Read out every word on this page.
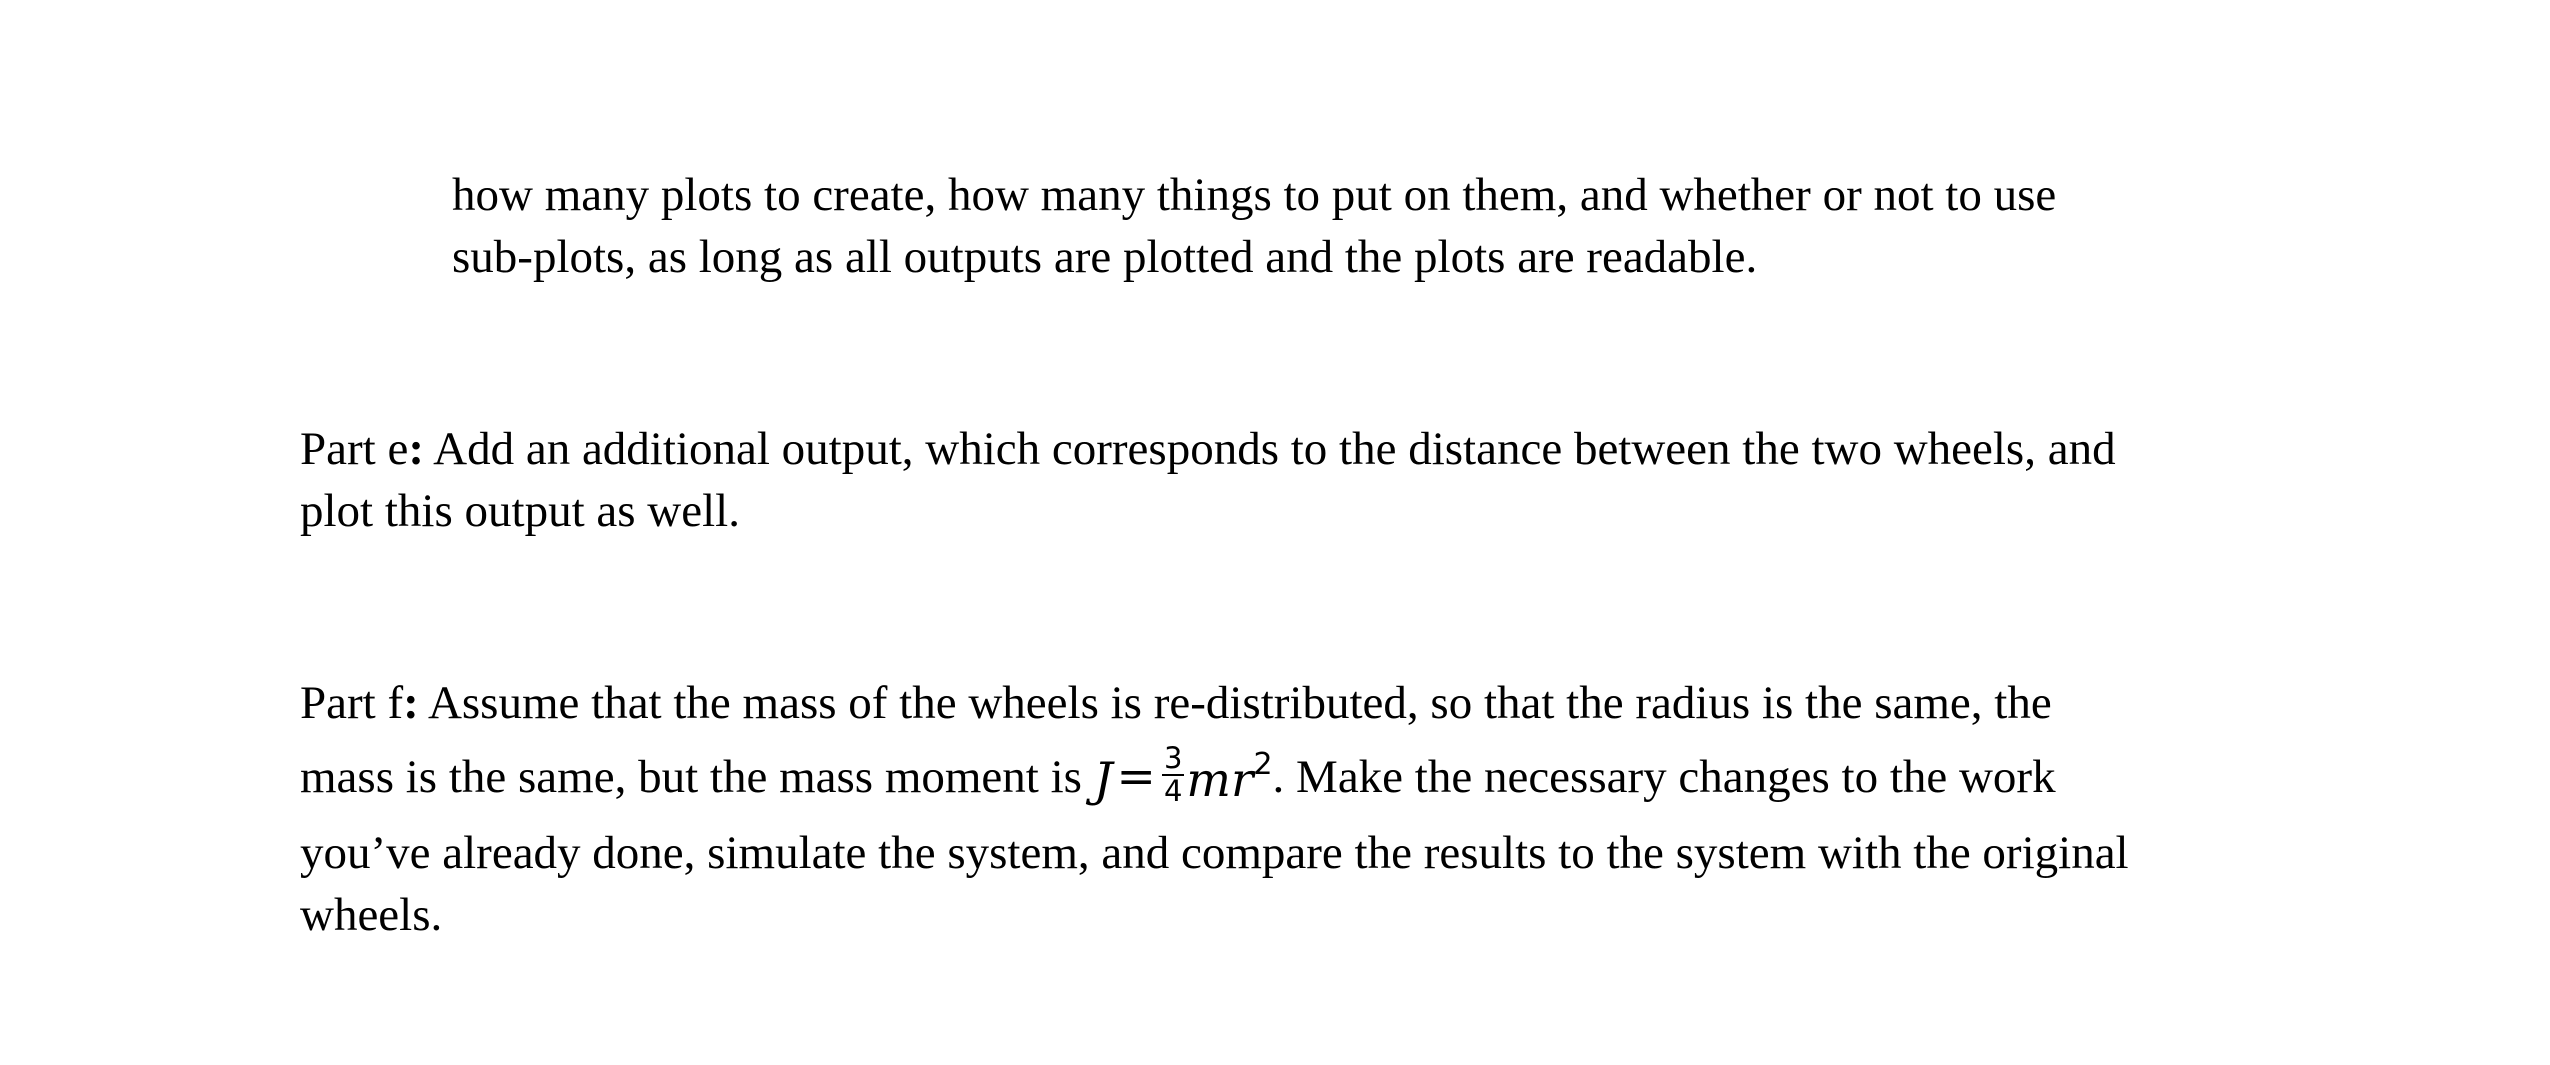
how many plots to create, how many things to put on them, and whether or not to use
sub-plots, as long as all outputs are plotted and the plots are readable.
Part e: Add an additional output, which corresponds to the distance between the two wheels, and
plot this output as well.
Part f: Assume that the mass of the wheels is re-distributed, so that the radius is the same, the
mass is the same, but the mass moment is $J= \frac{3}{4} mr^2$. Make the necessary changes to the work
you’ve already done, simulate the system, and compare the results to the system with the original
wheels.
